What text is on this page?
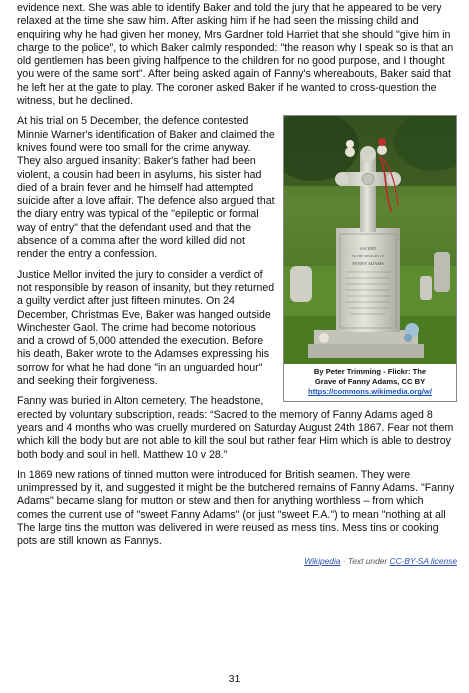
evidence next. She was able to identify Baker and told the jury that he appeared to be very relaxed at the time she saw him. After asking him if he had seen the missing child and enquiring why he had given her money, Mrs Gardner told Harriet that she should "give him in charge to the police", to which Baker calmly responded: "the reason why I speak so is that an old gentlemen has been giving halfpence to the children for no good purpose, and I thought you were of the same sort". After being asked again of Fanny's whereabouts, Baker said that he left her at the gate to play. The coroner asked Baker if he wanted to cross-question the witness, but he declined.

SACRED
TO THE MEMORY OF
FANNY ADAMS
By Peter Trimming - Flickr: The
Grave of Fanny Adams, CC BY
https://commons.wikimedia.org/w/

At his trial on 5 December, the defence contested Minnie Warner's identification of Baker and claimed the knives found were too small for the crime anyway. They also argued insanity: Baker's father had been violent, a cousin had been in asylums, his sister had died of a brain fever and he himself had attempted suicide after a love affair. The defence also argued that the diary entry was typical of the "epileptic or formal way of entry" that the defendant used and that the absence of a comma after the word killed did not render the entry a confession.

Justice Mellor invited the jury to consider a verdict of not responsible by reason of insanity, but they returned a guilty verdict after just fifteen minutes. On 24 December, Christmas Eve, Baker was hanged outside Winchester Gaol. The crime had become notorious and a crowd of 5,000 attended the execution. Before his death, Baker wrote to the Adamses expressing his sorrow for what he had done "in an unguarded hour" and seeking their forgiveness.

Fanny was buried in Alton cemetery. The headstone, erected by voluntary subscription, reads: “Sacred to the memory of Fanny Adams aged 8 years and 4 months who was cruelly murdered on Saturday August 24th 1867. Fear not them which kill the body but are not able to kill the soul but rather fear Him which is able to destroy both body and soul in hell. Matthew 10 v 28.”

In 1869 new rations of tinned mutton were introduced for British seamen. They were unimpressed by it, and suggested it might be the butchered remains of Fanny Adams. "Fanny Adams" became slang for mutton or stew and then for anything worthless – from which comes the current use of "sweet Fanny Adams" (or just "sweet F.A.") to mean "nothing at all The large tins the mutton was delivered in were reused as mess tins. Mess tins or cooking pots are still known as Fannys.

Wikipedia · Text under CC-BY-SA license
31
